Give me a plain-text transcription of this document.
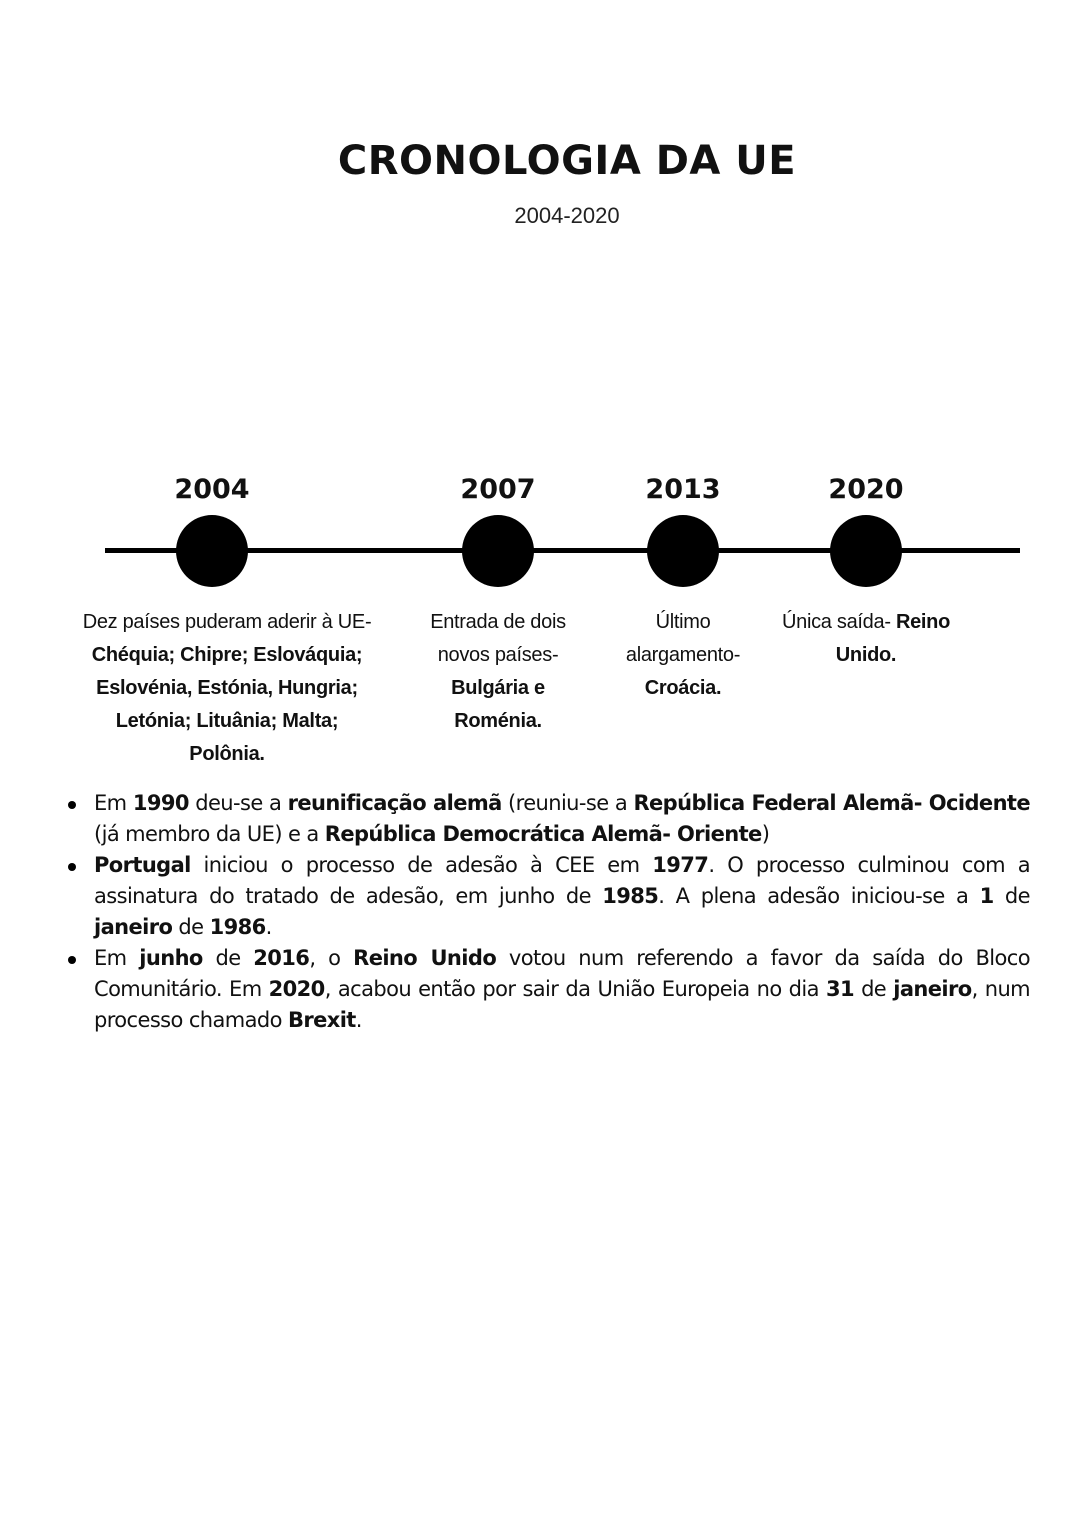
CRONOLOGIA DA UE
2004-2020
2004
Dez países puderam aderir à UE-
Chéquia; Chipre; Eslováquia;
Eslovénia, Estónia, Hungria;
Letónia; Lituânia; Malta;
Polônia.
2007
Entrada de dois
novos países-
Bulgária e
Roménia.
2013
Último
alargamento-
Croácia.
2020
Única saída- Reino
Unido.
Em 1990 deu-se a reunificação alemã (reuniu-se a República Federal Alemã- Ocidente (já membro da UE) e a República Democrática Alemã- Oriente)
Portugal iniciou o processo de adesão à CEE em 1977. O processo culminou com a assinatura do tratado de adesão, em junho de 1985. A plena adesão iniciou-se a 1 de janeiro de 1986.
Em junho de 2016, o Reino Unido votou num referendo a favor da saída do Bloco Comunitário. Em 2020, acabou então por sair da União Europeia no dia 31 de janeiro, num processo chamado Brexit.
